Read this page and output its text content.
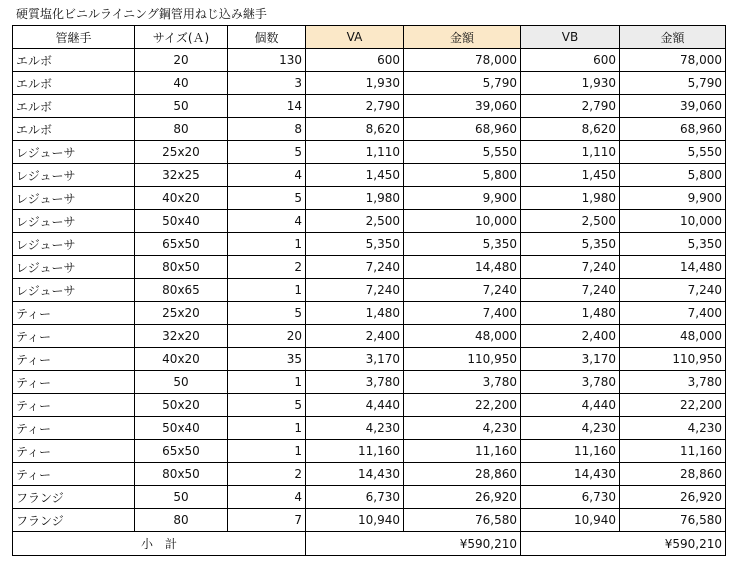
硬質塩化ビニルライニング鋼管用ねじ込み継手
管継手	サイズ(Ａ)	個数	VA	金額	VB	金額
エルボ	20	130	600	78,000	600	78,000
エルボ	40	3	1,930	5,790	1,930	5,790
エルボ	50	14	2,790	39,060	2,790	39,060
エルボ	80	8	8,620	68,960	8,620	68,960
レジューサ	25x20	5	1,110	5,550	1,110	5,550
レジューサ	32x25	4	1,450	5,800	1,450	5,800
レジューサ	40x20	5	1,980	9,900	1,980	9,900
レジューサ	50x40	4	2,500	10,000	2,500	10,000
レジューサ	65x50	1	5,350	5,350	5,350	5,350
レジューサ	80x50	2	7,240	14,480	7,240	14,480
レジューサ	80x65	1	7,240	7,240	7,240	7,240
ティー	25x20	5	1,480	7,400	1,480	7,400
ティー	32x20	20	2,400	48,000	2,400	48,000
ティー	40x20	35	3,170	110,950	3,170	110,950
ティー	50	1	3,780	3,780	3,780	3,780
ティー	50x20	5	4,440	22,200	4,440	22,200
ティー	50x40	1	4,230	4,230	4,230	4,230
ティー	65x50	1	11,160	11,160	11,160	11,160
ティー	80x50	2	14,430	28,860	14,430	28,860
フランジ	50	4	6,730	26,920	6,730	26,920
フランジ	80	7	10,940	76,580	10,940	76,580
小　計			¥590,210		¥590,210	
